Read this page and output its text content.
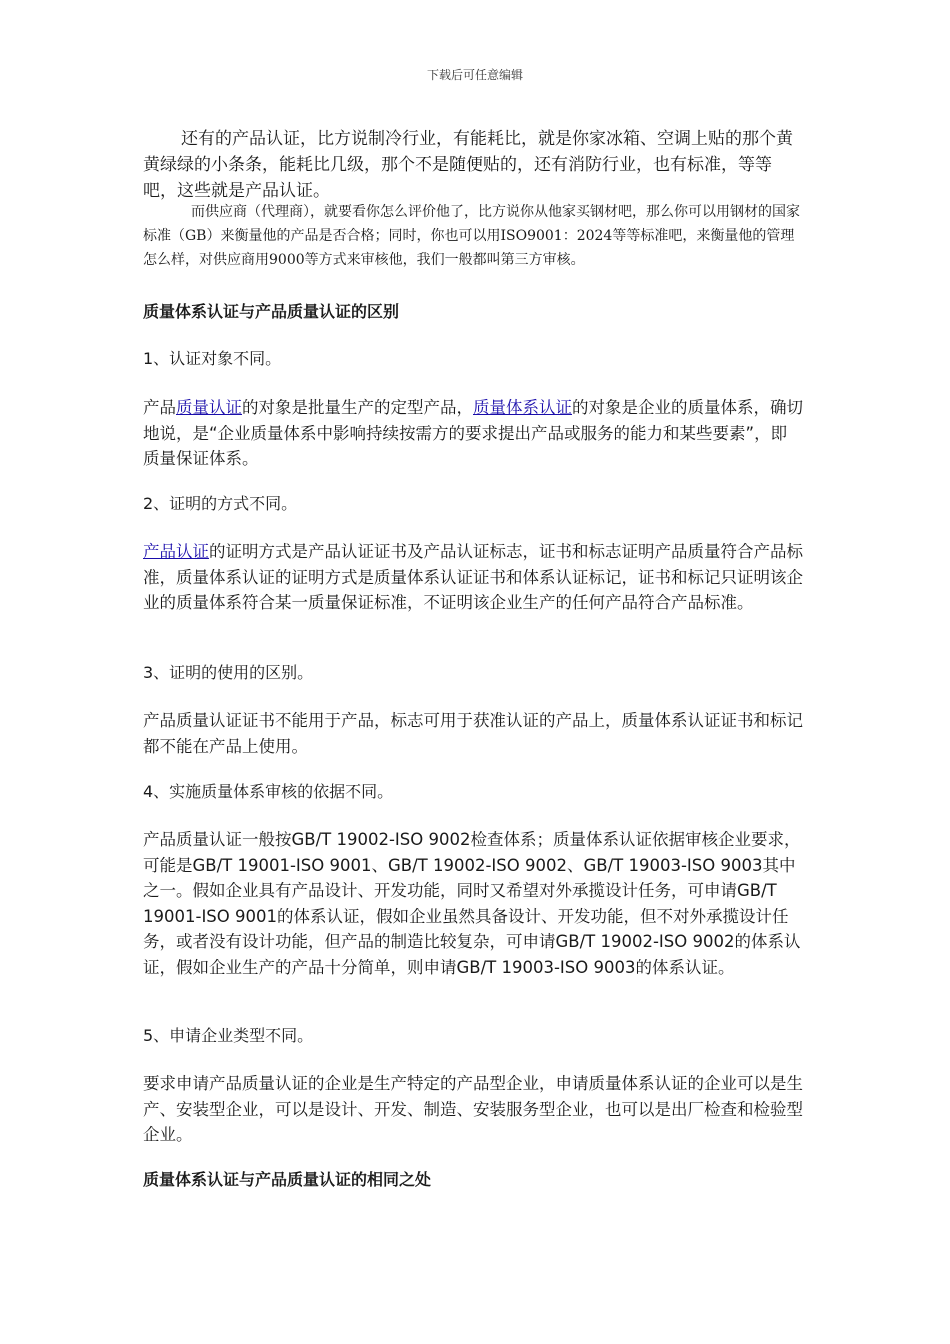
下载后可任意编辑

还有的产品认证，比方说制冷行业，有能耗比，就是你家冰箱、空调上贴的那个黄黄绿绿的小条条，能耗比几级，那个不是随便贴的，还有消防行业，也有标准，等等吧，这些就是产品认证。

而供应商（代理商），就要看你怎么评价他了，比方说你从他家买钢材吧，那么你可以用钢材的国家标准（GB）来衡量他的产品是否合格；同时，你也可以用ISO9001：2024等等标准吧，来衡量他的管理怎么样，对供应商用9000等方式来审核他，我们一般都叫第三方审核。

质量体系认证与产品质量认证的区别
1、认证对象不同。

产品质量认证的对象是批量生产的定型产品，质量体系认证的对象是企业的质量体系，确切地说，是“企业质量体系中影响持续按需方的要求提出产品或服务的能力和某些要素”，即质量保证体系。

2、证明的方式不同。

产品认证的证明方式是产品认证证书及产品认证标志，证书和标志证明产品质量符合产品标准，质量体系认证的证明方式是质量体系认证证书和体系认证标记，证书和标记只证明该企业的质量体系符合某一质量保证标准，不证明该企业生产的任何产品符合产品标准。

3、证明的使用的区别。

产品质量认证证书不能用于产品，标志可用于获准认证的产品上，质量体系认证证书和标记都不能在产品上使用。

4、实施质量体系审核的依据不同。

产品质量认证一般按GB/T 19002-ISO 9002检查体系；质量体系认证依据审核企业要求，可能是GB/T 19001-ISO 9001、GB/T 19002-ISO 9002、GB/T 19003-ISO 9003其中之一。假如企业具有产品设计、开发功能，同时又希望对外承揽设计任务，可申请GB/T 19001-ISO 9001的体系认证，假如企业虽然具备设计、开发功能，但不对外承揽设计任务，或者没有设计功能，但产品的制造比较复杂，可申请GB/T 19002-ISO 9002的体系认证，假如企业生产的产品十分简单，则申请GB/T 19003-ISO 9003的体系认证。

5、申请企业类型不同。

要求申请产品质量认证的企业是生产特定的产品型企业，申请质量体系认证的企业可以是生产、安装型企业，可以是设计、开发、制造、安装服务型企业，也可以是出厂检查和检验型企业。

质量体系认证与产品质量认证的相同之处
